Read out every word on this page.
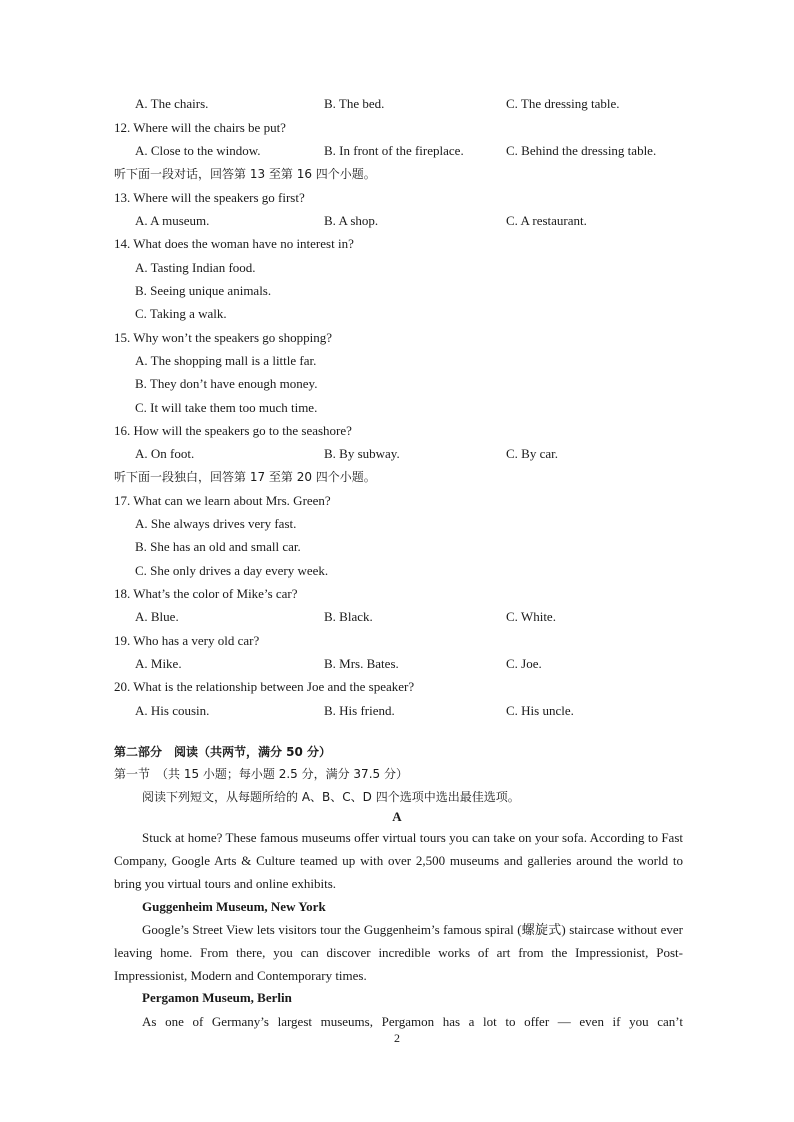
A. The chairs.	B. The bed.	C. The dressing table.
12. Where will the chairs be put?
A. Close to the window.	B. In front of the fireplace.	C. Behind the dressing table.
听下面一段对话，回答第 13 至第 16 四个小题。
13. Where will the speakers go first?
A. A museum.	B. A shop.	C. A restaurant.
14. What does the woman have no interest in?
A. Tasting Indian food.
B. Seeing unique animals.
C. Taking a walk.
15. Why won’t the speakers go shopping?
A. The shopping mall is a little far.
B. They don’t have enough money.
C. It will take them too much time.
16. How will the speakers go to the seashore?
A. On foot.	B. By subway.	C. By car.
听下面一段独白，回答第 17 至第 20 四个小题。
17. What can we learn about Mrs. Green?
A. She always drives very fast.
B. She has an old and small car.
C. She only drives a day every week.
18. What’s the color of Mike’s car?
A. Blue.	B. Black.	C. White.
19. Who has a very old car?
A. Mike.	B. Mrs. Bates.	C. Joe.
20. What is the relationship between Joe and the speaker?
A. His cousin.	B. His friend.	C. His uncle.
第二部分　阅读（共两节，满分 50 分）
第一节　（共 15 小题；每小题 2.5 分，满分 37.5 分）
阅读下列短文，从每题所给的 A、B、C、D 四个选项中选出最佳选项。
A

Stuck at home? These famous museums offer virtual tours you can take on your sofa. According to Fast Company, Google Arts & Culture teamed up with over 2,500 museums and galleries around the world to bring you virtual tours and online exhibits.

Guggenheim Museum, New York

Google’s Street View lets visitors tour the Guggenheim’s famous spiral (螺旋式) staircase without ever leaving home. From there, you can discover incredible works of art from the Impressionist, Post-Impressionist, Modern and Contemporary times.

Pergamon Museum, Berlin

As one of Germany’s largest museums, Pergamon has a lot to offer — even if you can’t

2
